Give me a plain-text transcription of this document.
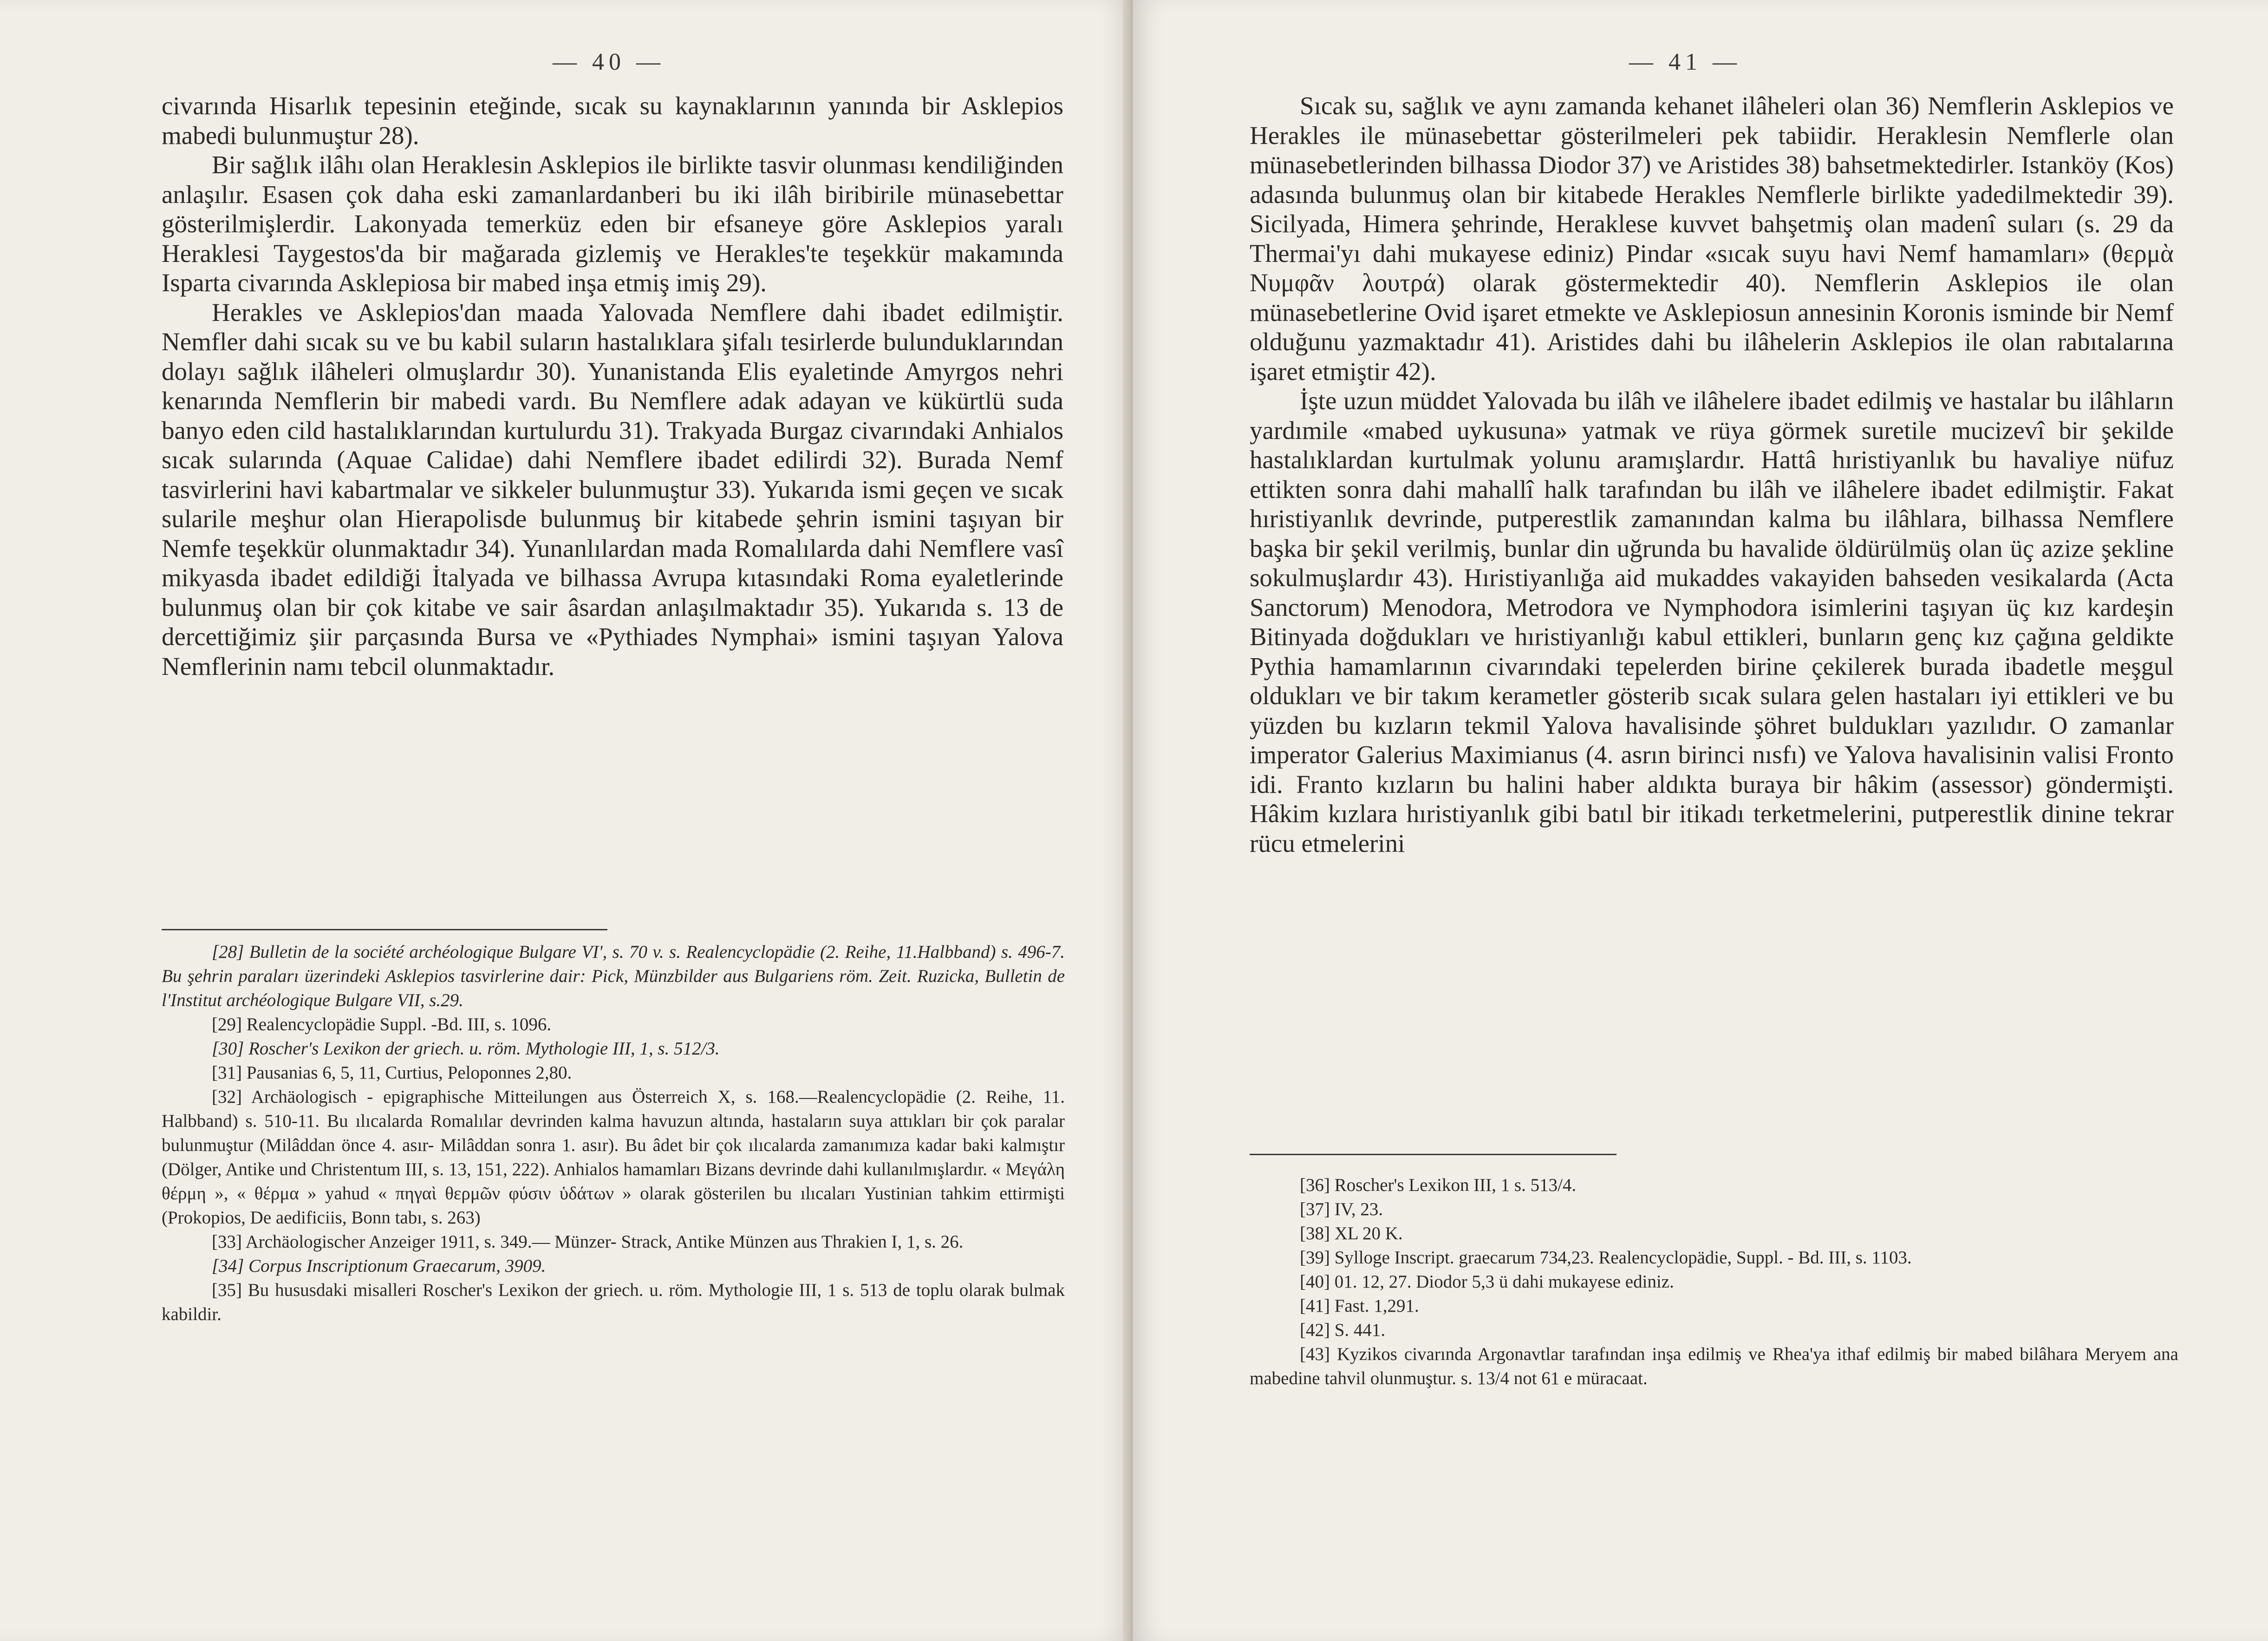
— 40 —

civarında Hisarlık tepesinin eteğinde, sıcak su kaynaklarının yanında bir Asklepios mabedi bulunmuştur 28).

Bir sağlık ilâhı olan Heraklesin Asklepios ile birlikte tasvir olunması kendiliğinden anlaşılır. Esasen çok daha eski zamanlardanberi bu iki ilâh biribirile münasebettar gösterilmişlerdir. Lakonyada temerküz eden bir efsaneye göre Asklepios yaralı Heraklesi Taygestos'da bir mağarada gizlemiş ve Herakles'te teşekkür makamında Isparta civarında Asklepiosa bir mabed inşa etmiş imiş 29).

Herakles ve Asklepios'dan maada Yalovada Nemflere dahi ibadet edilmiştir. Nemfler dahi sıcak su ve bu kabil suların hastalıklara şifalı tesirlerde bulunduklarından dolayı sağlık ilâheleri olmuşlardır 30). Yunanistanda Elis eyaletinde Amyrgos nehri kenarında Nemflerin bir mabedi vardı. Bu Nemflere adak adayan ve kükürtlü suda banyo eden cild hastalıklarından kurtulurdu 31). Trakyada Burgaz civarındaki Anhialos sıcak sularında (Aquae Calidae) dahi Nemflere ibadet edilirdi 32). Burada Nemf tasvirlerini havi kabartmalar ve sikkeler bulunmuştur 33). Yukarıda ismi geçen ve sıcak sularile meşhur olan Hierapolisde bulunmuş bir kitabede şehrin ismini taşıyan bir Nemfe teşekkür olunmaktadır 34). Yunanlılardan mada Romalılarda dahi Nemflere vasî mikyasda ibadet edildiği İtalyada ve bilhassa Avrupa kıtasındaki Roma eyaletlerinde bulunmuş olan bir çok kitabe ve sair âsardan anlaşılmaktadır 35). Yukarıda s. 13 de dercettiğimiz şiir parçasında Bursa ve «Pythiades Nymphai» ismini taşıyan Yalova Nemflerinin namı tebcil olunmaktadır.

[28] Bulletin de la société archéologique Bulgare VI', s. 70 v. s. Realencyclopädie (2. Reihe, 11.Halbband) s. 496-7. Bu şehrin paraları üzerindeki Asklepios tasvirlerine dair: Pick, Münzbilder aus Bulgariens röm. Zeit. Ruzicka, Bulletin de l'Institut archéologique Bulgare VII, s.29.

[29] Realencyclopädie Suppl. -Bd. III, s. 1096.

[30] Roscher's Lexikon der griech. u. röm. Mythologie III, 1, s. 512/3.

[31] Pausanias 6, 5, 11, Curtius, Peloponnes 2,80.

[32] Archäologisch - epigraphische Mitteilungen aus Österreich X, s. 168.—Realencyclopädie (2. Reihe, 11. Halbband) s. 510-11. Bu ılıcalarda Romalılar devrinden kalma havuzun altında, hastaların suya attıkları bir çok paralar bulunmuştur (Milâddan önce 4. asır- Milâddan sonra 1. asır). Bu âdet bir çok ılıcalarda zamanımıza kadar baki kalmıştır (Dölger, Antike und Christentum III, s. 13, 151, 222). Anhialos hamamları Bizans devrinde dahi kullanılmışlardır. « Μεγάλη θέρμη », « θέρμα » yahud « πηγαὶ θερμῶν φύσιν ὑδάτων » olarak gösterilen bu ılıcaları Yustinian tahkim ettirmişti (Prokopios, De aedificiis, Bonn tabı, s. 263)

[33] Archäologischer Anzeiger 1911, s. 349.— Münzer- Strack, Antike Münzen aus Thrakien I, 1, s. 26.

[34] Corpus Inscriptionum Graecarum, 3909.

[35] Bu hususdaki misalleri Roscher's Lexikon der griech. u. röm. Mythologie III, 1 s. 513 de toplu olarak bulmak kabildir.

— 41 —

Sıcak su, sağlık ve aynı zamanda kehanet ilâheleri olan 36) Nemflerin Asklepios ve Herakles ile münasebettar gösterilmeleri pek tabiidir. Heraklesin Nemflerle olan münasebetlerinden bilhassa Diodor 37) ve Aristides 38) bahsetmektedirler. Istanköy (Kos) adasında bulunmuş olan bir kitabede Herakles Nemflerle birlikte yadedilmektedir 39). Sicilyada, Himera şehrinde, Heraklese kuvvet bahşetmiş olan madenî suları (s. 29 da Thermai'yı dahi mukayese ediniz) Pindar «sıcak suyu havi Nemf hamamları» (θερμὰ Νυμφᾶν λουτρά) olarak göstermektedir 40). Nemflerin Asklepios ile olan münasebetlerine Ovid işaret etmekte ve Asklepiosun annesinin Koronis isminde bir Nemf olduğunu yazmaktadır 41). Aristides dahi bu ilâhelerin Asklepios ile olan rabıtalarına işaret etmiştir 42).

İşte uzun müddet Yalovada bu ilâh ve ilâhelere ibadet edilmiş ve hastalar bu ilâhların yardımile «mabed uykusuna» yatmak ve rüya görmek suretile mucizevî bir şekilde hastalıklardan kurtulmak yolunu aramışlardır. Hattâ hıristiyanlık bu havaliye nüfuz ettikten sonra dahi mahallî halk tarafından bu ilâh ve ilâhelere ibadet edilmiştir. Fakat hıristiyanlık devrinde, putperestlik zamanından kalma bu ilâhlara, bilhassa Nemflere başka bir şekil verilmiş, bunlar din uğrunda bu havalide öldürülmüş olan üç azize şekline sokulmuşlardır 43). Hıristiyanlığa aid mukaddes vakayiden bahseden vesikalarda (Acta Sanctorum) Menodora, Metrodora ve Nymphodora isimlerini taşıyan üç kız kardeşin Bitinyada doğdukları ve hıristiyanlığı kabul ettikleri, bunların genç kız çağına geldikte Pythia hamamlarının civarındaki tepelerden birine çekilerek burada ibadetle meşgul oldukları ve bir takım kerametler gösterib sıcak sulara gelen hastaları iyi ettikleri ve bu yüzden bu kızların tekmil Yalova havalisinde şöhret buldukları yazılıdır. O zamanlar imperator Galerius Maximianus (4. asrın birinci nısfı) ve Yalova havalisinin valisi Fronto idi. Franto kızların bu halini haber aldıkta buraya bir hâkim (assessor) göndermişti. Hâkim kızlara hıristiyanlık gibi batıl bir itikadı terketmelerini, putperestlik dinine tekrar rücu etmelerini

[36] Roscher's Lexikon III, 1 s. 513/4.

[37] IV, 23.

[38] XL 20 K.

[39] Sylloge Inscript. graecarum 734,23. Realencyclopädie, Suppl. - Bd. III, s. 1103.

[40] 01. 12, 27. Diodor 5,3 ü dahi mukayese ediniz.

[41] Fast. 1,291.

[42] S. 441.

[43] Kyzikos civarında Argonavtlar tarafından inşa edilmiş ve Rhea'ya ithaf edilmiş bir mabed bilâhara Meryem ana mabedine tahvil olunmuştur. s. 13/4 not 61 e müracaat.
